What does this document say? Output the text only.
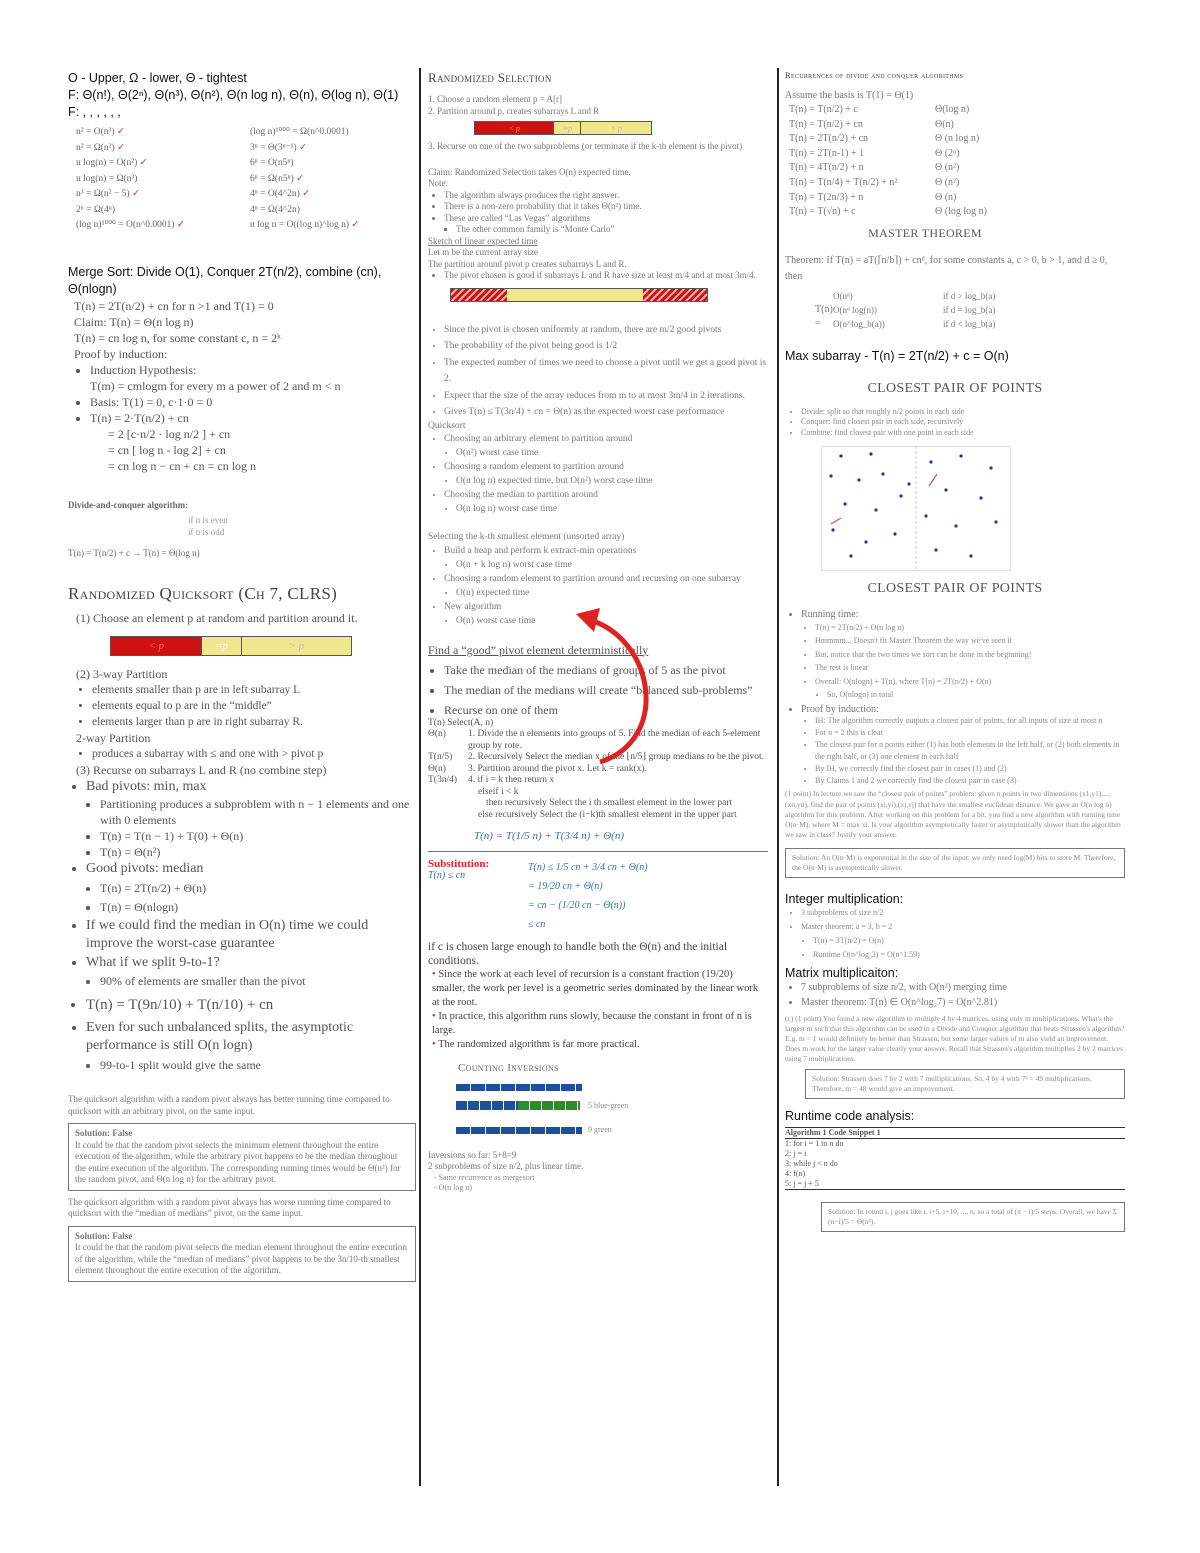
O - Upper, Ω - lower, Θ - tightest
F: Θ(n!), Θ(2ⁿ), Θ(n³), Θ(n²), Θ(n log n), Θ(n), Θ(log n), Θ(1)
F: , , , , , ,
n² = O(n³) ✓	(log n)¹⁰⁰⁰ = Ω(n^0.0001)
n² = Ω(n²) ✓	3ⁿ = Θ(3ⁿ⁻¹) ✓
n log(n) = O(n²) ✓	6ⁿ = O(n5ⁿ)
n log(n) = Ω(n³)	6ⁿ = Ω(n5ⁿ) ✓
n³ = Ω(n² − 5) ✓	4ⁿ = O(4^2n) ✓
2ⁿ = Ω(4ⁿ)	4ⁿ = Ω(4^2n)
(log n)¹⁰⁰⁰ = O(n^0.0001) ✓	n log n = O((log n)^log n) ✓
Merge Sort: Divide O(1), Conquer 2T(n/2), combine (cn), Θ(nlogn)
T(n) = 2T(n/2) + cn for n >1 and T(1) = 0
Claim: T(n) = Θ(n log n)
T(n) = cn log n, for some constant c, n = 2ᵏ
Proof by induction:
• Induction Hypothesis:
T(m) = cmlogm for every m a power of 2 and m < n
• Basis: T(1) = 0, c·1·0 = 0
• T(n) = 2·T(n/2) + cn
= 2 [c·n/2 · log n/2 ] + cn
= cn [ log n - log 2] + cn
= cn log n − cn + cn = cn log n
Divide-and-conquer algorithm:
if n is even
if n is odd
T(n) = T(n/2) + c → T(n) = Θ(log n)
Randomized Quicksort (Ch 7, CLRS)
(1) Choose an element p at random and partition around it.
< p	=p	> p
(2) 3-way Partition
• elements smaller than p are in left subarray L
• elements equal to p are in the “middle”
• elements larger than p are in right subarray R.
2-way Partition
• produces a subarray with ≤ and one with > pivot p
(3) Recurse on subarrays L and R (no combine step)
• Bad pivots: min, max
• Partitioning produces a subproblem with n − 1 elements and one with 0 elements
• T(n) = T(n − 1) + T(0) + Θ(n)
• T(n) = Θ(n²)
• Good pivots: median
• T(n) = 2T(n/2) + Θ(n)
• T(n) = Θ(nlogn)
• If we could find the median in O(n) time we could improve the worst-case guarantee
• What if we split 9-to-1?
• 90% of elements are smaller than the pivot
• T(n) = T(9n/10) + T(n/10) + cn
• Even for such unbalanced splits, the asymptotic performance is still O(n logn)
• 99-to-1 split would give the same
The quicksort algorithm with a random pivot always has better running time compared to quicksort with an arbitrary pivot, on the same input.
Solution: False
It could be that the random pivot selects the minimum element throughout the entire execution of the algorithm, while the arbitrary pivot happens to be the median throughout the entire execution of the algorithm. The corresponding running times would be Θ(n²) for the random pivot, and Θ(n log n) for the arbitrary pivot.
The quicksort algorithm with a random pivot always has worse running time compared to quicksort with the “median of medians” pivot, on the same input.
Solution: False
It could be that the random pivot selects the median element throughout the entire execution of the algorithm, while the “median of medians” pivot happens to be the 3n/10-th smallest element throughout the entire execution of the algorithm.
Randomized Selection
1. Choose a random element p = A[r]
2. Partition around p, creates subarrays L and R
< p	=p	> p
3. Recurse on one of the two subproblems (or terminate if the k-th element is the pivot)
Claim: Randomized Selection takes O(n) expected time.
Note:
• The algorithm always produces the right answer.
• There is a non-zero probability that it takes Θ(n²) time.
• These are called “Las Vegas” algorithms
▪ The other common family is “Monte Carlo”
Sketch of linear expected time
Let m be the current array size
The partition around pivot p creates subarrays L and R.
• The pivot chosen is good if subarrays L and R have size at least m/4 and at most 3m/4.
• Since the pivot is chosen uniformly at random, there are m/2 good pivots
• The probability of the pivot being good is 1/2
• The expected number of times we need to choose a pivot until we get a good pivot is 2.
• Expect that the size of the array reduces from m to at most 3m/4 in 2 iterations.
• Gives T(n) ≤ T(3n/4) + cn = Θ(n) as the expected worst case performance
Quicksort
• Choosing an arbitrary element to partition around
• O(n²) worst case time
• Choosing a random element to partition around
• O(n log n) expected time, but O(n²) worst case time
• Choosing the median to partition around
• O(n log n) worst case time
Selecting the k-th smallest element (unsorted array)
• Build a heap and perform k extract-min operations
• O(n + k log n) worst case time
• Choosing a random element to partition around and recursing on one subarray
• O(n) expected time
• New algorithm
• O(n) worst case time
Find a “good” pivot element deterministically
• Take the median of the medians of groups of 5 as the pivot
• The median of the medians will create “balanced sub-problems”
• Recurse on one of them
T(n) Select(A, n)
Θ(n)	1. Divide the n elements into groups of 5. Find the median of each 5-element group by rote.
T(n/5)	2. Recursively Select the median x of the ⌊n/5⌋ group medians to be the pivot.
Θ(n)	3. Partition around the pivot x. Let k = rank(x).
T(3n/4)	4. if i = k then return x
elseif i < k
then recursively Select the i th smallest element in the lower part
else recursively Select the (i−k)th smallest element in the upper part
T(n) = T(1/5 n) + T(3/4 n) + Θ(n)
Substitution:
T(n) ≤ cn
T(n) ≤ 1/5 cn + 3/4 cn + Θ(n)
= 19/20 cn + Θ(n)
= cn − (1/20 cn − Θ(n))
≤ cn
if c is chosen large enough to handle both the Θ(n) and the initial conditions.
• Since the work at each level of recursion is a constant fraction (19/20) smaller, the work per level is a geometric series dominated by the linear work at the root.
• In practice, this algorithm runs slowly, because the constant in front of n is large.
• The randomized algorithm is far more practical.
Counting Inversions
5 blue-green
9 green
Inversions so far: 5+8=9
2 subproblems of size n/2, plus linear time.
- Same recurrence as mergesort
- O(n log n)
Recurrences of divide and conquer algorithms
Assume the basis is T(1) = Θ(1)
T(n) = T(n/2) + c	Θ(log n)
T(n) = T(n/2) + cn	Θ(n)
T(n) = 2T(n/2) + cn	Θ (n log n)
T(n) = 2T(n-1) + 1	Θ (2ⁿ)
T(n) = 4T(n/2) + n	Θ (n²)
T(n) = T(n/4) + T(n/2) + n²	Θ (n²)
T(n) = T(2n/3) + n	Θ (n)
T(n) = T(√n) + c	Θ (log log n)
MASTER THEOREM
Theorem: If T(n) = aT(⌈n/b⌉) + cnᵈ, for some constants a, c > 0, b > 1, and d ≥ 0, then
T(n) =
O(nᵈ)	if d > log_b(a)
O(nᵈ log(n))	if d = log_b(a)
O(n^log_b(a))	if d < log_b(a)
Max subarray - T(n) = 2T(n/2) + c = O(n)
CLOSEST PAIR OF POINTS
• Divide: split so that roughly n/2 points in each side
• Conquer: find closest pair in each side, recursively
• Combine: find closest pair with one point in each side
CLOSEST PAIR OF POINTS
• Running time:
• T(n) = 2T(n/2) + O(n log n)
• Hmmmm... Doesn't fit Master Theorem the way we've seen it
• But, notice that the two times we sort can be done in the beginning!
• The rest is linear
• Overall: O(nlogn) + T(n), where T(n) = 2T(n/2) + O(n)
• So, O(nlogn) in total
• Proof by induction:
• IH: The algorithm correctly outputs a closest pair of points, for all inputs of size at most n
• For n = 2 this is clear
• The closest pair for n points either (1) has both elements in the left half, or (2) both elements in the right half, or (3) one element in each half
• By IH, we correctly find the closest pair in cases (1) and (2)
• By Claims 1 and 2 we correctly find the closest pair in case (3)
(1 point) In lecture we saw the “closest pair of points” problem: given n points in two dimensions (x1,y1),...,(xn,yn), find the pair of points (xi,yi),(xj,yj) that have the smallest euclidean distance. We gave an O(n log n) algorithm for this problem. After working on this problem for a bit, you find a new algorithm with running time O(n·M), where M = max xi. Is your algorithm asymptotically faster or asymptotically slower than the algorithm we saw in class? Justify your answer.
Solution: An O(n·M) is exponential in the size of the input: we only need log(M) bits to store M. Therefore, the O(n·M) is asymptotically slower.
Integer multiplication:
• 3 subproblems of size n/2
• Master theorem: a = 3, b = 2
• T(n) = 3T(n/2) = O(n)
• Runtime O(n^log₂3) = O(n^1.59)
Matrix multiplicaiton:
• 7 subproblems of size n/2, with O(n²) merging time
• Master theorem: T(n) ∈ O(n^log₂7) = O(n^2.81)
(c) (1 point) You found a new algorithm to multiply 4 by 4 matrices, using only m multiplications. What's the largest m such that this algorithm can be used in a Divide and Conquer algorithm that beats Strassen's algorithm? E.g. m = 1 would definitely be better than Strassen, but some larger values of m also yield an improvement. Does m work for the larger value clearly your answer. Recall that Strassen's algorithm multiplies 2 by 2 matrices using 7 multiplications.
Solution: Strassen does 7 by 2 with 7 multiplications. So, 4 by 4 with 7² = 49 multiplications. Therefore, m = 48 would give an improvement.
Runtime code analysis:
Algorithm 1 Code Snippet 1
1: for i = 1 to n do
2: j = i
3: while j < n do
4: f(n)
5: j = j + 5
Solution: In round i, j goes like i, i+5, i+10, ..., n, so a total of (n − i)/5 steps. Overall, we have Σ (n−i)/5 = Θ(n²).
